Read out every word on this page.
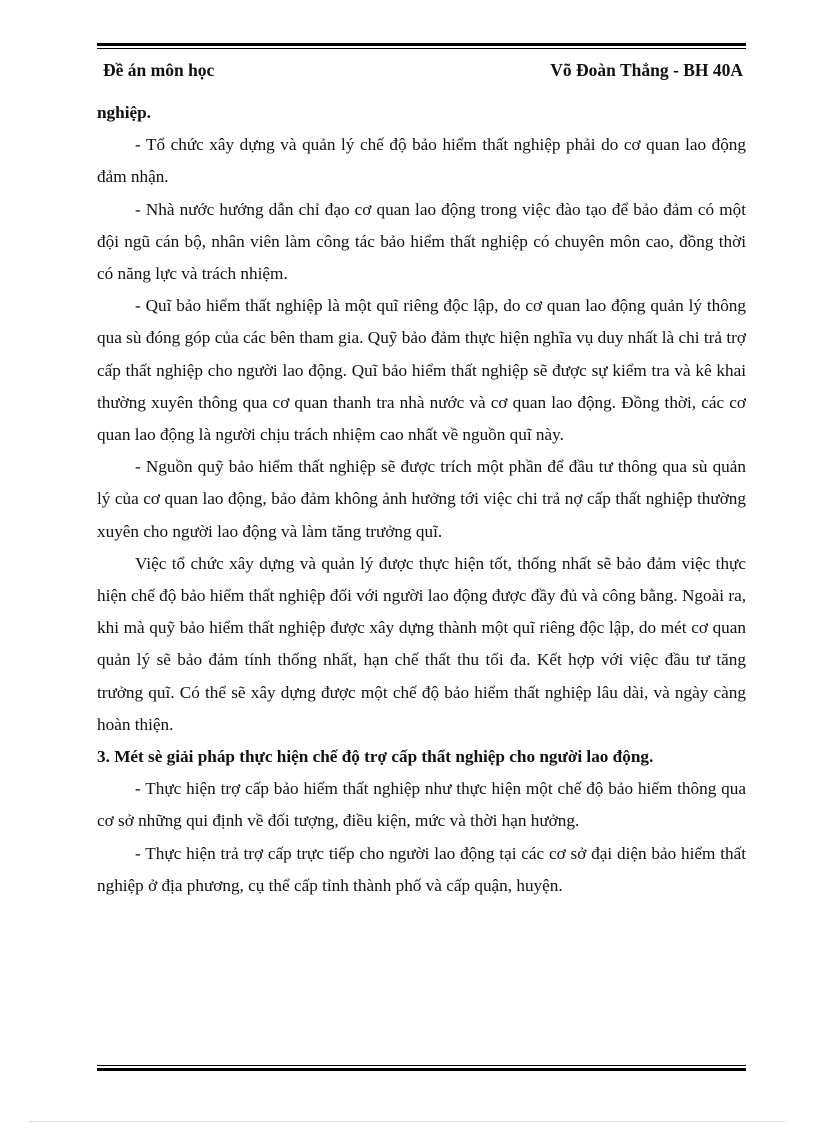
Đề án môn học	Võ Đoàn Thắng - BH 40A

nghiệp.

- Tổ chức xây dựng và quản lý chế độ bảo hiểm thất nghiệp phải do cơ quan lao động đảm nhận.

- Nhà nước hướng dẫn chỉ đạo cơ quan lao động trong việc đào tạo để bảo đảm có một đội ngũ cán bộ, nhân viên làm công tác bảo hiểm thất nghiệp có chuyên môn cao, đồng thời có năng lực và trách nhiệm.

- Quĩ bảo hiểm thất nghiệp là một quĩ riêng độc lập, do cơ quan lao động quản lý thông qua sù đóng góp của các bên tham gia. Quỹ bảo đảm thực hiện nghĩa vụ duy nhất là chi trả trợ cấp thất nghiệp cho người lao động. Quĩ bảo hiểm thất nghiệp sẽ được sự kiểm tra và kê khai thường xuyên thông qua cơ quan thanh tra nhà nước và cơ quan lao động. Đồng thời, các cơ quan lao động là người chịu trách nhiệm cao nhất về nguồn quĩ này.

- Nguồn quỹ bảo hiểm thất nghiệp sẽ được trích một phần để đầu tư thông qua sù quản lý của cơ quan lao động, bảo đảm không ảnh hưởng tới việc chi trả nợ cấp thất nghiệp thường xuyên cho người lao động và làm tăng trưởng quĩ.

Việc tổ chức xây dựng và quản lý được thực hiện tốt, thống nhất sẽ bảo đảm việc thực hiện chế độ bảo hiểm thất nghiệp đối với người lao động được đầy đủ và công bằng. Ngoài ra, khi mà quỹ bảo hiểm thất nghiệp được xây dựng thành một quĩ riêng độc lập, do mét cơ quan quản lý sẽ bảo đảm tính thống nhất, hạn chế thất thu tối đa. Kết hợp với việc đầu tư tăng trưởng quĩ. Có thể sẽ xây dựng được một chế độ bảo hiểm thất nghiệp lâu dài, và ngày càng hoàn thiện.

3. Mét sè giải pháp thực hiện chế độ trợ cấp thất nghiệp cho người lao động.

- Thực hiện trợ cấp bảo hiểm thất nghiệp như thực hiện một chế độ bảo hiểm thông qua cơ sở những qui định về đối tượng, điều kiện, mức và thời hạn hưởng.

- Thực hiện trả trợ cấp trực tiếp cho người lao động tại các cơ sở đại diện bảo hiểm thất nghiệp ở địa phương, cụ thể cấp tỉnh thành phố và cấp quận, huyện.
